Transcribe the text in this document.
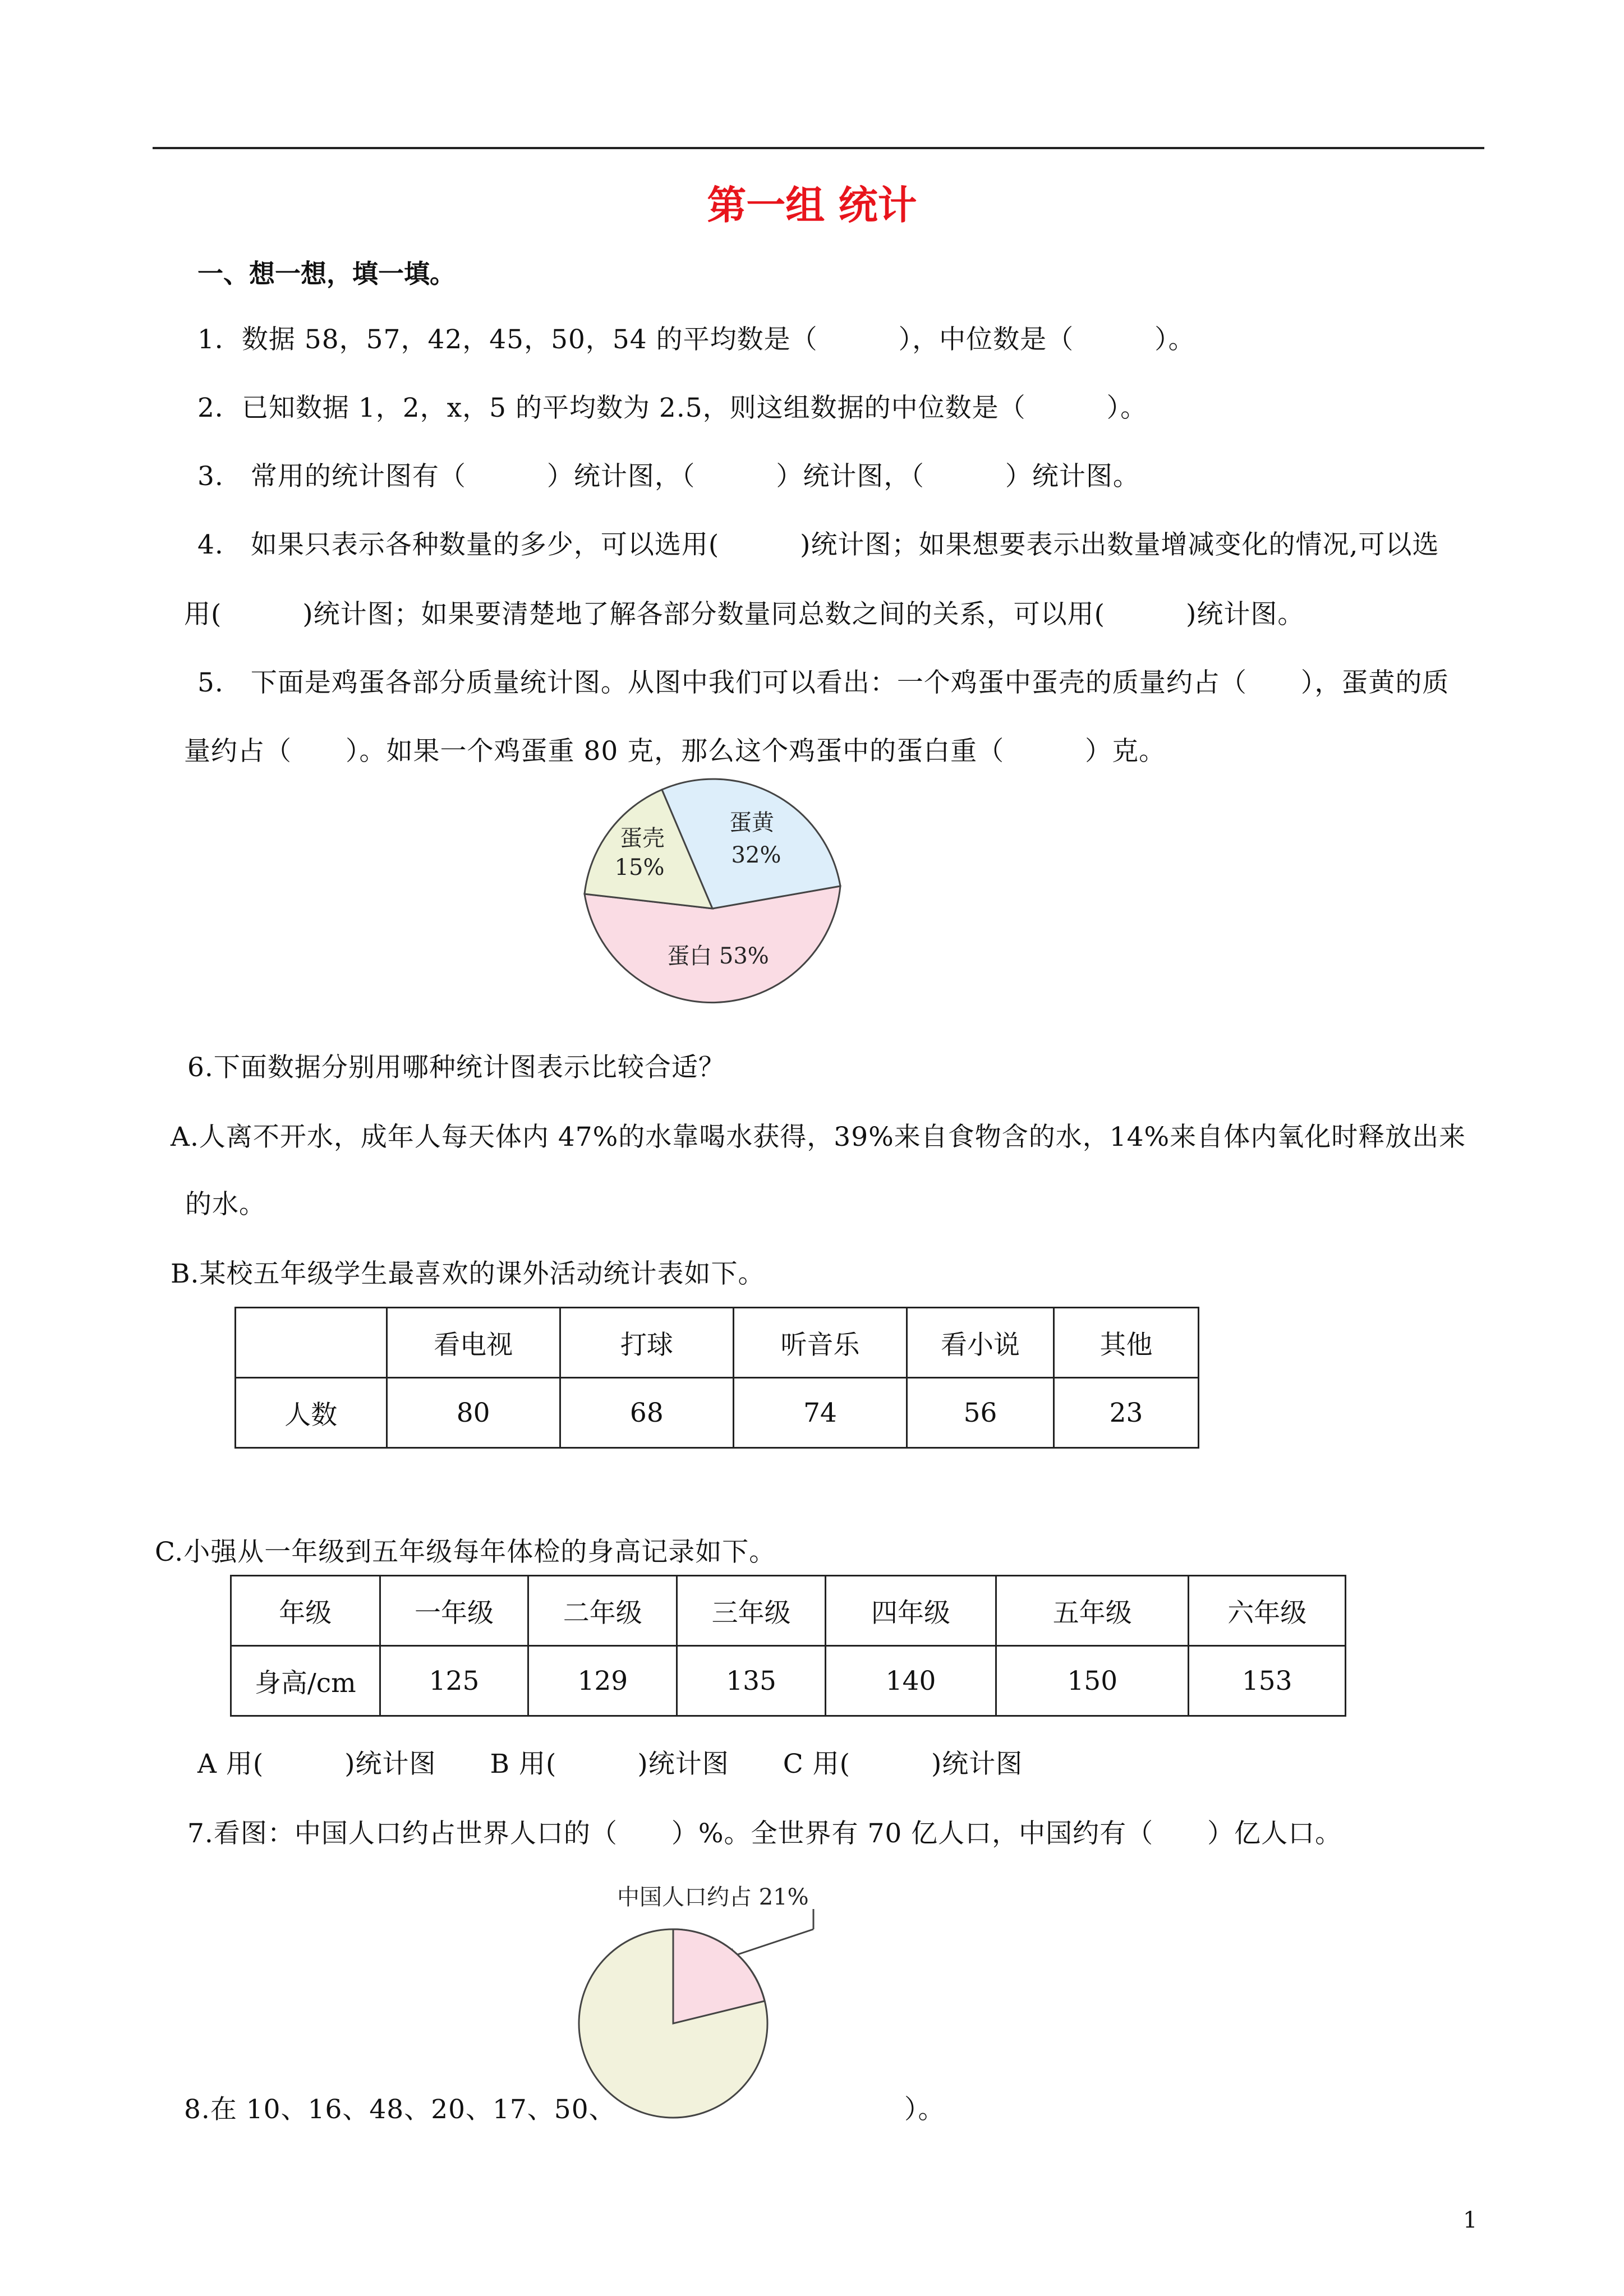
第一组 统计
一、想一想，填一填。
1．数据 58，57，42，45，50，54 的平均数是（　　　），中位数是（　　　）。
2．已知数据 1，2，x，5 的平均数为 2.5，则这组数据的中位数是（　　　）。
3.　常用的统计图有（　　　）统计图，（　　　）统计图，（　　　）统计图。
4.　如果只表示各种数量的多少，可以选用(　　　)统计图；如果想要表示出数量增减变化的情况,可以选
用(　　　)统计图；如果要清楚地了解各部分数量同总数之间的关系，可以用(　　　)统计图。
5.　下面是鸡蛋各部分质量统计图。从图中我们可以看出：一个鸡蛋中蛋壳的质量约占（　　），蛋黄的质
量约占（　　）。如果一个鸡蛋重 80 克，那么这个鸡蛋中的蛋白重（　　　）克。
蛋壳
15%
蛋黄
32%
蛋白 53%
6.下面数据分别用哪种统计图表示比较合适？
A.人离不开水，成年人每天体内 47%的水靠喝水获得，39%来自食物含的水，14%来自体内氧化时释放出来
的水。
B.某校五年级学生最喜欢的课外活动统计表如下。
	看电视	打球	听音乐	看小说	其他
人数	80	68	74	56	23
C.小强从一年级到五年级每年体检的身高记录如下。
年级	一年级	二年级	三年级	四年级	五年级	六年级
身高/cm	125	129	135	140	150	153
A 用(　　　)统计图　　B 用(　　　)统计图　　C 用(　　　)统计图
7.看图：中国人口约占世界人口的（　　）%。全世界有 70 亿人口，中国约有（　　）亿人口。
中国人口约占 21%
8.在 10、16、48、20、17、50、	）。
1
